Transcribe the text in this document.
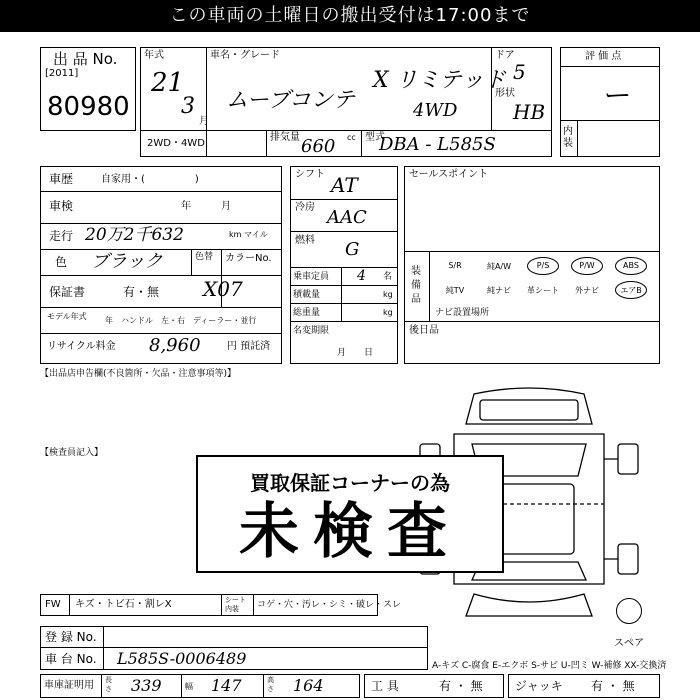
この車両の土曜日の搬出受付は17:00まで
出 品 No.
[2011]
80980
年式
21
3
月
車名・グレード
ムーブコンテ
X リミテッド
4WD
ドア
5
形状
HB
2WD・4WD
排気量	cc
660	型式
DBA - L585S
評 価 点
ー
内装
車歴	自家用・(　　　　　)
車検	年　　　月
走行 20万2千632	km マイル
色 ブラック	色替	カラーNo.
保証書	有・無 X07
モデル年式 年　ハンドル　左・右　ディーラー・並行
リサイクル料金 8,960	円 預託済
シフト AT
冷房 AAC
燃料 G
乗車定員 4 名
積載量	kg
総重量	kg
名変期限
月　　日
セールスポイント
装備品
S/R	純A/W	P/S	P/W	ABS
純TV	純ナビ	革シート	外ナビ	エアB
ナビ設置場所
後日品
【出品店申告欄(不良箇所・欠品・注意事項等)】
【検査員記入】
スペア
買取保証コーナーの為
未検査
FW キズ・トビ石・割レX	シート内装	コゲ・穴・汚レ・シミ・破レ・スレ
登 録 No.
車 台 No. L585S-0006489	A-キズ C-腐食 E-エクボ S-サビ U-凹ミ W-補修 XX-交換済
車庫証明用 長さ	339	幅 147	高さ	164	工 具	有 ・ 無	ジャッキ 有 ・ 無
